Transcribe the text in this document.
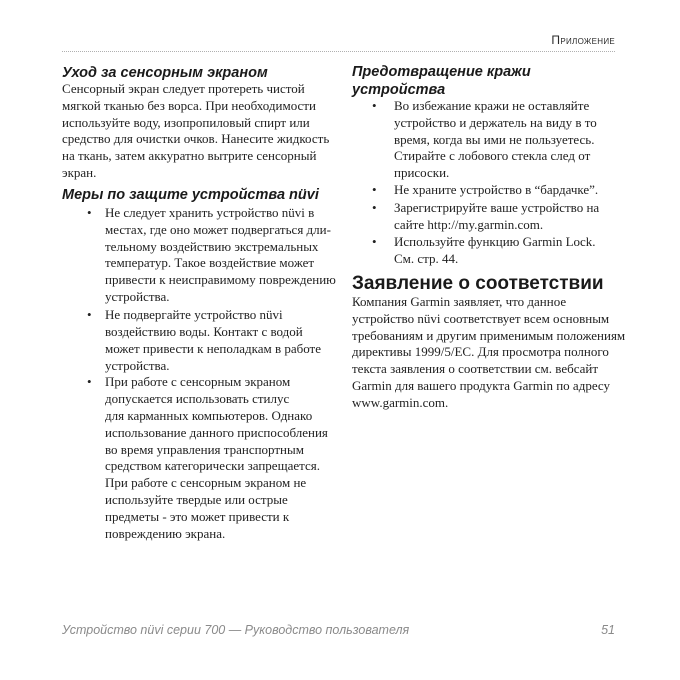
Приложение
Уход за сенсорным экраном
Сенсорный экран следует протереть чистой
мягкой тканью без ворса. При необходимости
используйте воду, изопропиловый спирт или
средство для очистки очков. Нанесите жидкость
на ткань, затем аккуратно вытрите сенсорный
экран.
Меры по защите устройства nüvi
• Не следует хранить устройство nüvi в
местах, где оно может подвергаться дли-
тельному воздействию экстремальных
температур. Такое воздействие может
привести к неисправимому повреждению
устройства.
• Не подвергайте устройство nüvi
воздействию воды. Контакт с водой
может привести к неполадкам в работе
устройства.
• При работе с сенсорным экраном
допускается использовать стилус
для карманных компьютеров. Однако
использование данного приспособления
во время управления транспортным
средством категорически запрещается.
При работе с сенсорным экраном не
используйте твердые или острые
предметы - это может привести к
повреждению экрана.
Предотвращение кражи
устройства
• Во избежание кражи не оставляйте
устройство и держатель на виду в то
время, когда вы ими не пользуетесь.
Стирайте с лобового стекла след от
присоски.
• Не храните устройство в “бардачке”.
• Зарегистрируйте ваше устройство на
сайте http://my.garmin.com.
• Используйте функцию Garmin Lock.
См. стр. 44.
Заявление о соответствии
Компания Garmin заявляет, что данное
устройство nüvi соответствует всем основным
требованиям и другим применимым положениям
директивы 1999/5/EC. Для просмотра полного
текста заявления о соответствии см. вебсайт
Garmin для вашего продукта Garmin по адресу
www.garmin.com.
Устройство nüvi серии 700 — Руководство пользователя	51
